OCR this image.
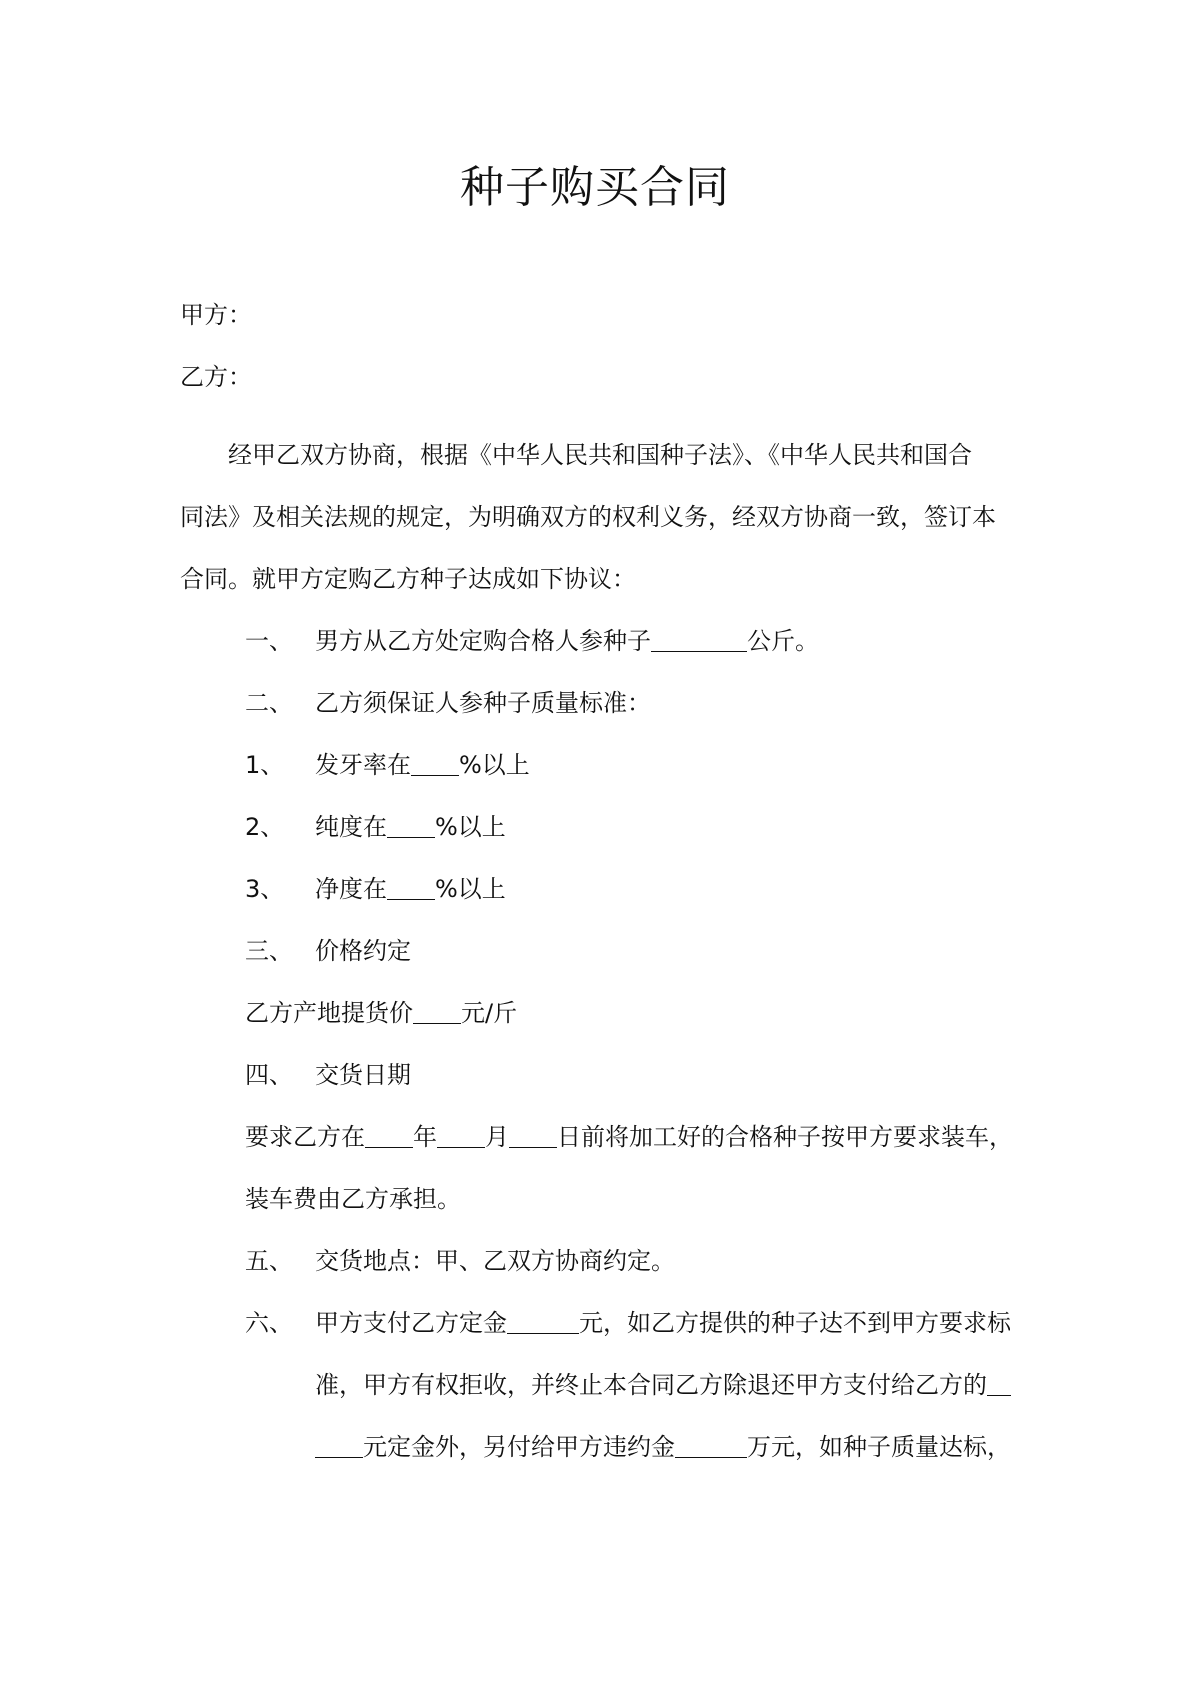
种子购买合同
甲方：
乙方：
经甲乙双方协商，根据《中华人民共和国种子法》、《中华人民共和国合
同法》及相关法规的规定，为明确双方的权利义务，经双方协商一致，签订本
合同。就甲方定购乙方种子达成如下协议：
一、 男方从乙方处定购合格人参种子＿＿＿＿公斤。
二、 乙方须保证人参种子质量标准：
1、 发牙率在＿＿%以上
2、 纯度在＿＿%以上
3、 净度在＿＿%以上
三、 价格约定
乙方产地提货价＿＿元/斤
四、 交货日期
要求乙方在＿＿年＿＿月＿＿日前将加工好的合格种子按甲方要求装车，
装车费由乙方承担。
五、 交货地点：甲、乙双方协商约定。
六、 甲方支付乙方定金＿＿＿元，如乙方提供的种子达不到甲方要求标
准，甲方有权拒收，并终止本合同乙方除退还甲方支付给乙方的＿
＿＿元定金外，另付给甲方违约金＿＿＿万元，如种子质量达标，
